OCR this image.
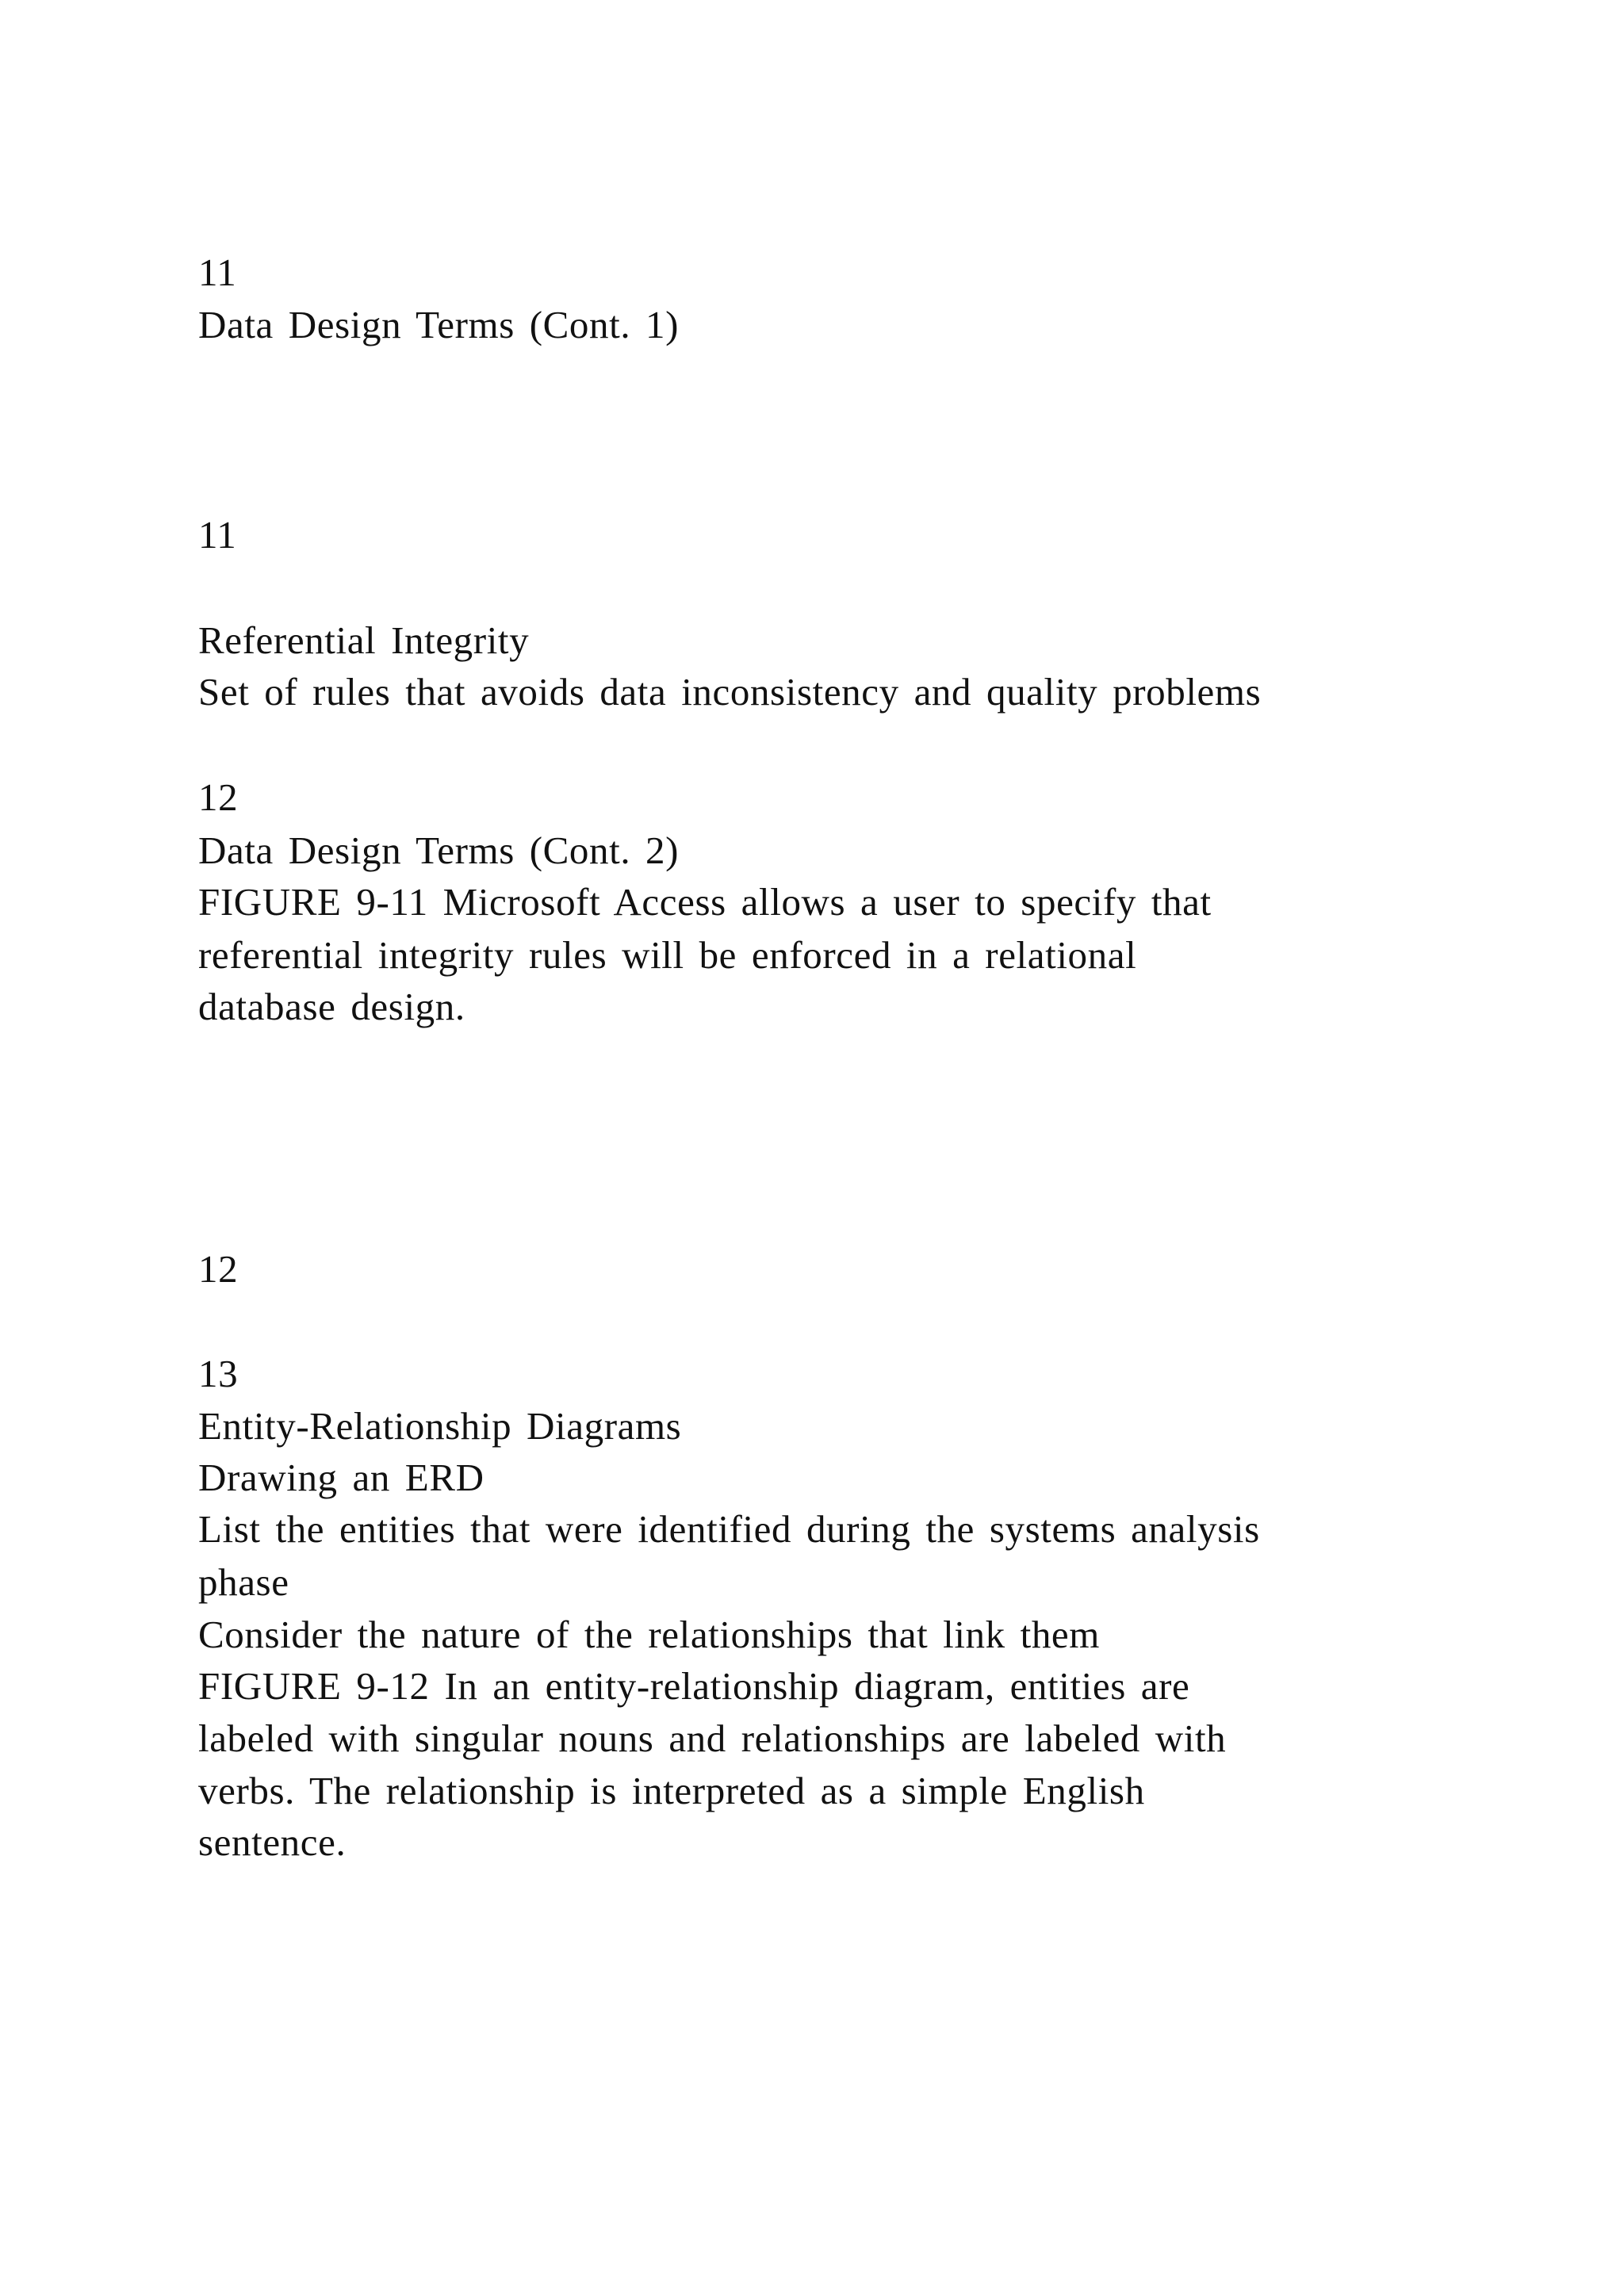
11

Data Design Terms (Cont. 1)

11

Referential Integrity

Set of rules that avoids data inconsistency and quality problems

12

Data Design Terms (Cont. 2)

FIGURE 9-11 Microsoft Access allows a user to specify that

referential integrity rules will be enforced in a relational

database design.

12

13

Entity-Relationship Diagrams

Drawing an ERD

List the entities that were identified during the systems analysis

phase

Consider the nature of the relationships that link them

FIGURE 9-12 In an entity-relationship diagram, entities are

labeled with singular nouns and relationships are labeled with

verbs. The relationship is interpreted as a simple English

sentence.
